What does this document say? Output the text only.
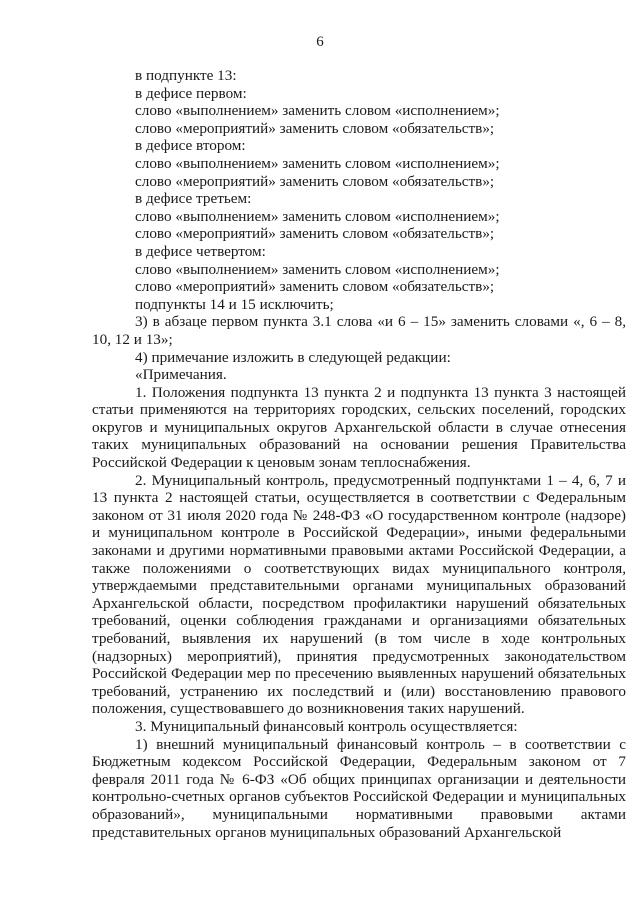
6
в подпункте 13:
в дефисе первом:
слово «выполнением» заменить словом «исполнением»;
слово «мероприятий» заменить словом «обязательств»;
в дефисе втором:
слово «выполнением» заменить словом «исполнением»;
слово «мероприятий» заменить словом «обязательств»;
в дефисе третьем:
слово «выполнением» заменить словом «исполнением»;
слово «мероприятий» заменить словом «обязательств»;
в дефисе четвертом:
слово «выполнением» заменить словом «исполнением»;
слово «мероприятий» заменить словом «обязательств»;
подпункты 14 и 15 исключить;
3) в абзаце первом пункта 3.1 слова «и 6 – 15» заменить словами «, 6 – 8, 10, 12 и 13»;
4) примечание изложить в следующей редакции:
«Примечания.
1. Положения подпункта 13 пункта 2 и подпункта 13 пункта 3 настоящей статьи применяются на территориях городских, сельских поселений, городских округов и муниципальных округов Архангельской области в случае отнесения таких муниципальных образований на основании решения Правительства Российской Федерации к ценовым зонам теплоснабжения.
2. Муниципальный контроль, предусмотренный подпунктами 1 – 4, 6, 7 и 13 пункта 2 настоящей статьи, осуществляется в соответствии с Федеральным законом от 31 июля 2020 года № 248-ФЗ «О государственном контроле (надзоре) и муниципальном контроле в Российской Федерации», иными федеральными законами и другими нормативными правовыми актами Российской Федерации, а также положениями о соответствующих видах муниципального контроля, утверждаемыми представительными органами муниципальных образований Архангельской области, посредством профилактики нарушений обязательных требований, оценки соблюдения гражданами и организациями обязательных требований, выявления их нарушений (в том числе в ходе контрольных (надзорных) мероприятий), принятия предусмотренных законодательством Российской Федерации мер по пресечению выявленных нарушений обязательных требований, устранению их последствий и (или) восстановлению правового положения, существовавшего до возникновения таких нарушений.
3. Муниципальный финансовый контроль осуществляется:
1) внешний муниципальный финансовый контроль – в соответствии с Бюджетным кодексом Российской Федерации, Федеральным законом от 7 февраля 2011 года № 6-ФЗ «Об общих принципах организации и деятельности контрольно-счетных органов субъектов Российской Федерации и муниципальных образований», муниципальными нормативными правовыми актами представительных органов муниципальных образований Архангельской
